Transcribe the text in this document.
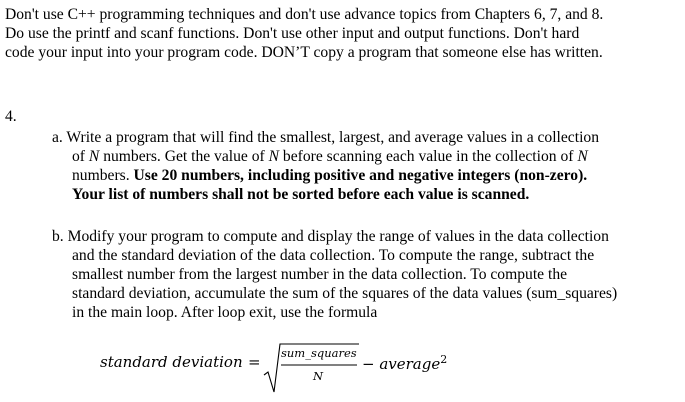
Don't use C++ programming techniques and don't use advance topics from Chapters 6, 7, and 8.
Do use the printf and scanf functions. Don't use other input and output functions. Don't hard
code your input into your program code. DON’T copy a program that someone else has written.
4.
a. Write a program that will find the smallest, largest, and average values in a collection
of N numbers. Get the value of N before scanning each value in the collection of N
numbers. Use 20 numbers, including positive and negative integers (non-zero).
Your list of numbers shall not be sorted before each value is scanned.
b. Modify your program to compute and display the range of values in the data collection
and the standard deviation of the data collection. To compute the range, subtract the
smallest number from the largest number in the data collection. To compute the
standard deviation, accumulate the sum of the squares of the data values (sum_squares)
in the main loop. After loop exit, use the formula
standard deviation = sum_squares
N
− average$^2$
